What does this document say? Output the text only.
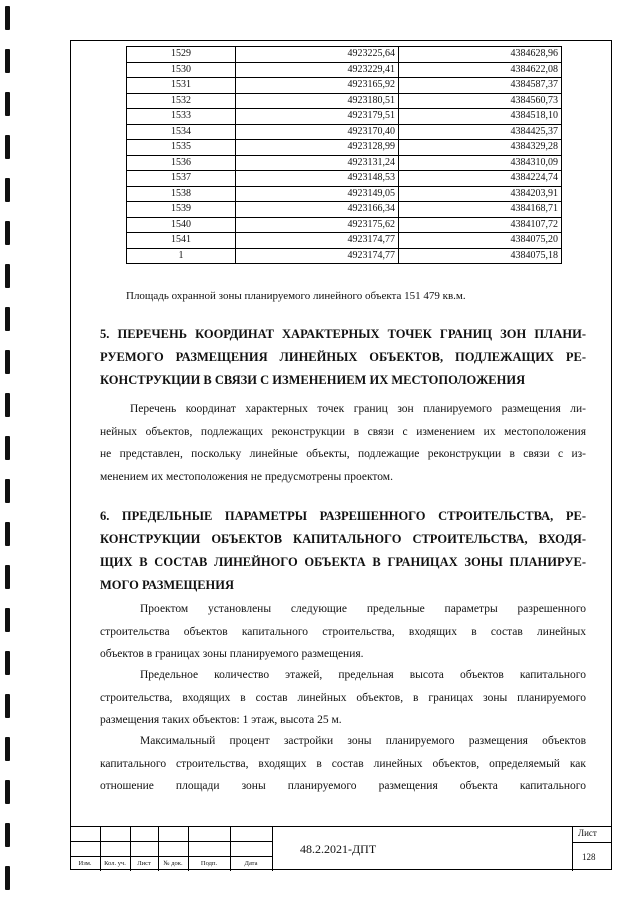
1529	4923225,64	4384628,96
1530	4923229,41	4384622,08
1531	4923165,92	4384587,37
1532	4923180,51	4384560,73
1533	4923179,51	4384518,10
1534	4923170,40	4384425,37
1535	4923128,99	4384329,28
1536	4923131,24	4384310,09
1537	4923148,53	4384224,74
1538	4923149,05	4384203,91
1539	4923166,34	4384168,71
1540	4923175,62	4384107,72
1541	4923174,77	4384075,20
1	4923174,77	4384075,18
Площадь охранной зоны планируемого линейного объекта 151 479 кв.м.
5. ПЕРЕЧЕНЬ КООРДИНАТ ХАРАКТЕРНЫХ ТОЧЕК ГРАНИЦ ЗОН ПЛАНИ-
РУЕМОГО РАЗМЕЩЕНИЯ ЛИНЕЙНЫХ ОБЪЕКТОВ, ПОДЛЕЖАЩИХ РЕ-
КОНСТРУКЦИИ В СВЯЗИ С ИЗМЕНЕНИЕМ ИХ МЕСТОПОЛОЖЕНИЯ
Перечень координат характерных точек границ зон планируемого размещения ли-
нейных объектов, подлежащих реконструкции в связи с изменением их местоположения
не представлен, поскольку линейные объекты, подлежащие реконструкции в связи с из-
менением их местоположения не предусмотрены проектом.
6. ПРЕДЕЛЬНЫЕ ПАРАМЕТРЫ РАЗРЕШЕННОГО СТРОИТЕЛЬСТВА, РЕ-
КОНСТРУКЦИИ ОБЪЕКТОВ КАПИТАЛЬНОГО СТРОИТЕЛЬСТВА, ВХОДЯ-
ЩИХ В СОСТАВ ЛИНЕЙНОГО ОБЪЕКТА В ГРАНИЦАХ ЗОНЫ ПЛАНИРУЕ-
МОГО РАЗМЕЩЕНИЯ
Проектом установлены следующие предельные параметры разрешенного
строительства объектов капитального строительства, входящих в состав линейных
объектов в границах зоны планируемого размещения.
Предельное количество этажей, предельная высота объектов капитального
строительства, входящих в состав линейных объектов, в границах зоны планируемого
размещения таких объектов: 1 этаж, высота 25 м.
Максимальный процент застройки зоны планируемого размещения объектов
капитального строительства, входящих в состав линейных объектов, определяемый как
отношение площади зоны планируемого размещения объекта капитального
Изм.	Кол. уч.	Лист	№ док.	Подп.	Дата
48.2.2021-ДПТ
Лист
128
